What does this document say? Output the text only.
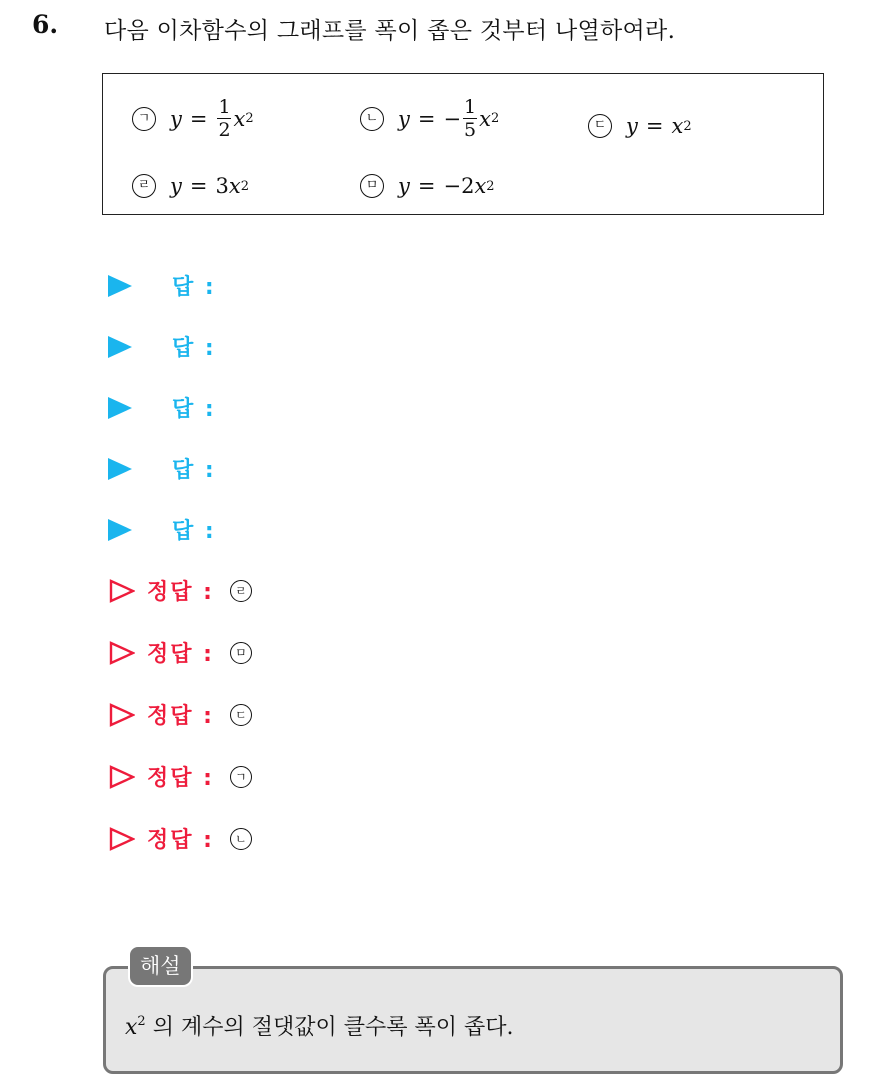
6. 다음 이차함수의 그래프를 폭이 좁은 것부터 나열하여라.
ㄱ $y = \frac{1}{2}$ x 2	ㄴ y = − $\frac{1}{5}$ x 2	ㄷ y = x 2
ㄹ y = 3 x 2	ㅁ y = −2 x 2
답 :
답 :
답 :
답 :
답 :
정답 :	ㄹ
정답 :	ㅁ
정답 :	ㄷ
정답 :	ㄱ
정답 :	ㄴ
해설
$x^2$ 의 계수의 절댓값이 클수록 폭이 좁다.
